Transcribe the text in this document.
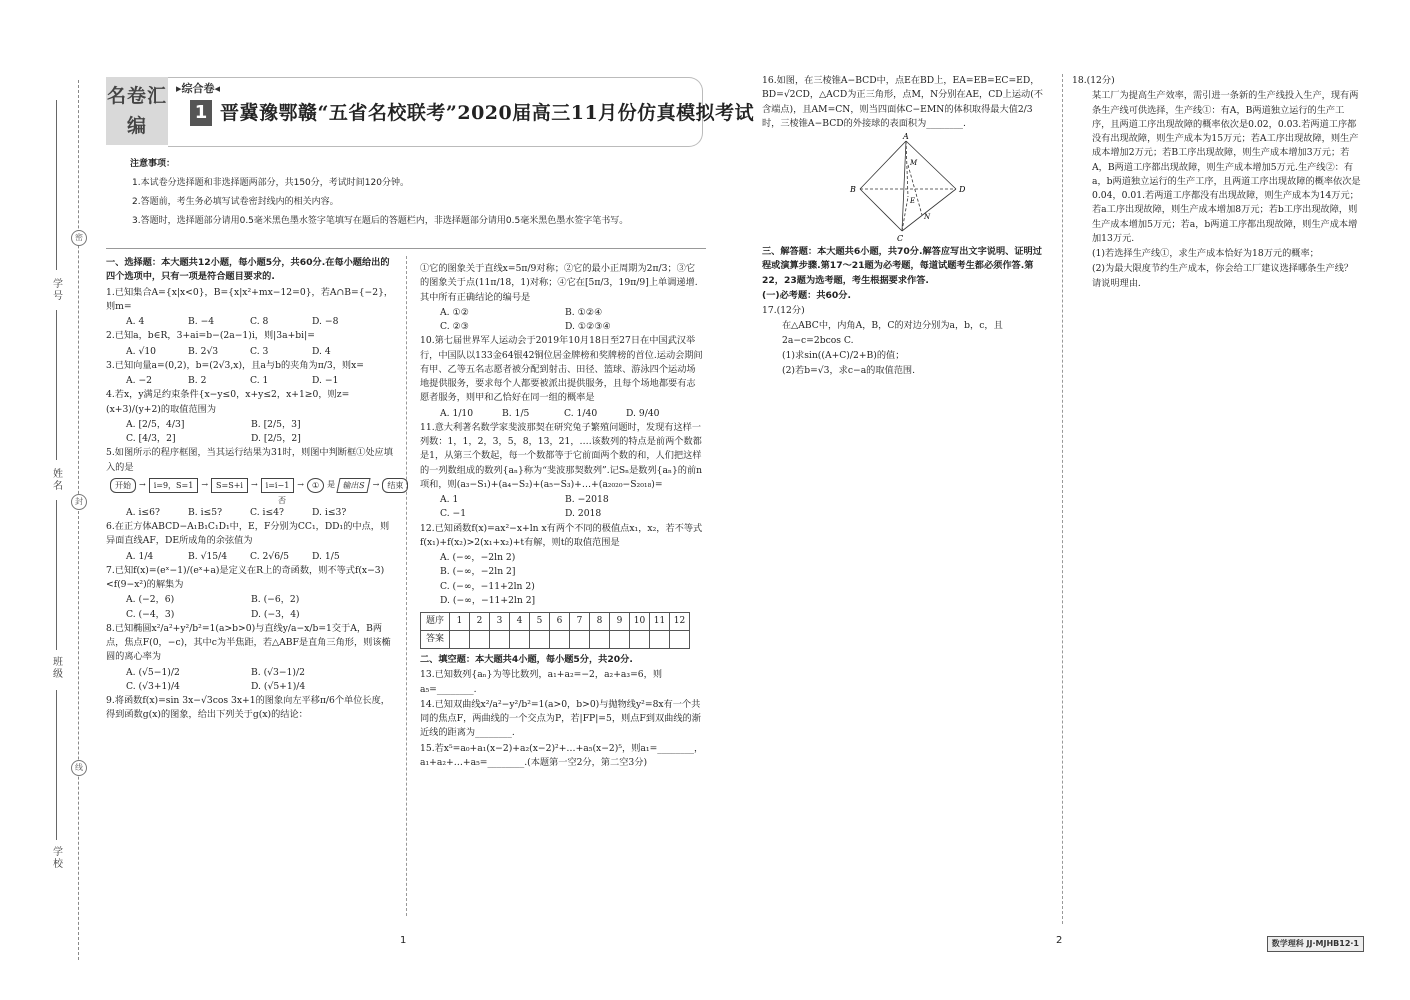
学号
姓名
班级
学校
密
封
线
名卷汇编
▸综合卷◂
1 晋冀豫鄂赣“五省名校联考”2020届高三11月份仿真模拟考试
注意事项：
1.本试卷分选择题和非选择题两部分，共150分，考试时间120分钟。
2.答题前，考生务必填写试卷密封线内的相关内容。
3.答题时，选择题部分请用0.5毫米黑色墨水签字笔填写在题后的答题栏内，非选择题部分请用0.5毫米黑色墨水签字笔书写。

一、选择题：本大题共12小题，每小题5分，共60分.在每小题给出的四个选项中，只有一项是符合题目要求的.

1.已知集合A={x|x<0}，B={x|x²+mx−12=0}，若A∩B={−2}，则m=

A. 4	B. −4	C. 8	D. −8

2.已知a，b∈R，3+ai=b−(2a−1)i，则|3a+bi|=

A. √10	B. 2√3	C. 3	D. 4

3.已知向量a=(0,2)，b=(2√3,x)，且a与b的夹角为π/3，则x=

A. −2	B. 2	C. 1	D. −1

4.若x，y满足约束条件{x−y≤0，x+y≤2，x+1≥0，则z=(x+3)/(y+2)的取值范围为

A. [2/5，4/3]	B. [2/5，3]
C. [4/3，2]	D. [2/5，2]

5.如图所示的程序框图，当其运行结果为31时，则图中判断框①处应填入的是

开始	→	i=9，S=1	→	S=S+i	→	i=i−1	→	①	是 输出S →	结束
否
A. i≤6?	B. i≤5?	C. i≤4?	D. i≤3?

6.在正方体ABCD−A₁B₁C₁D₁中，E，F分别为CC₁，DD₁的中点，则异面直线AF，DE所成角的余弦值为

A. 1/4	B. √15/4	C. 2√6/5	D. 1/5

7.已知f(x)=(eˣ−1)/(eˣ+a)是定义在R上的奇函数，则不等式f(x−3)<f(9−x²)的解集为

A. (−2，6)	B. (−6，2)
C. (−4，3)	D. (−3，4)

8.已知椭圆x²/a²+y²/b²=1(a>b>0)与直线y/a−x/b=1交于A，B两点，焦点F(0，−c)，其中c为半焦距，若△ABF是直角三角形，则该椭圆的离心率为

A. (√5−1)/2	B. (√3−1)/2
C. (√3+1)/4	D. (√5+1)/4

9.将函数f(x)=sin 3x−√3cos 3x+1的图象向左平移π/6个单位长度，得到函数g(x)的图象，给出下列关于g(x)的结论：

1

①它的图象关于直线x=5π/9对称；②它的最小正周期为2π/3；③它的图象关于点(11π/18，1)对称；④它在[5π/3，19π/9]上单调递增.其中所有正确结论的编号是

A. ①②	B. ①②④
C. ②③	D. ①②③④

10.第七届世界军人运动会于2019年10月18日至27日在中国武汉举行，中国队以133金64银42铜位居金牌榜和奖牌榜的首位.运动会期间有甲、乙等五名志愿者被分配到射击、田径、篮球、游泳四个运动场地提供服务，要求每个人都要被派出提供服务，且每个场地都要有志愿者服务，则甲和乙恰好在同一组的概率是

A. 1/10	B. 1/5	C. 1/40	D. 9/40

11.意大利著名数学家斐波那契在研究兔子繁殖问题时，发现有这样一列数：1，1，2，3，5，8，13，21，….该数列的特点是前两个数都是1，从第三个数起，每一个数都等于它前面两个数的和，人们把这样的一列数组成的数列{aₙ}称为“斐波那契数列”.记Sₙ是数列{aₙ}的前n项和，则(a₃−S₁)+(a₄−S₂)+(a₅−S₃)+…+(a₂₀₂₀−S₂₀₁₈)=

A. 1	B. −2018
C. −1	D. 2018

12.已知函数f(x)=ax²−x+ln x有两个不同的极值点x₁，x₂，若不等式f(x₁)+f(x₂)>2(x₁+x₂)+t有解，则t的取值范围是

A. (−∞，−2ln 2)
B. (−∞，−2ln 2]
C. (−∞，−11+2ln 2)
D. (−∞，−11+2ln 2]
题序	1	2	3	4	5	6	7	8	9	10	11	12
答案												

二、填空题：本大题共4小题，每小题5分，共20分.

13.已知数列{aₙ}为等比数列，a₁+a₂=−2，a₂+a₃=6，则a₅=________.

14.已知双曲线x²/a²−y²/b²=1(a>0，b>0)与抛物线y²=8x有一个共同的焦点F，两曲线的一个交点为P，若|FP|=5，则点F到双曲线的渐近线的距离为________.

15.若x⁵=a₀+a₁(x−2)+a₂(x−2)²+…+a₅(x−2)⁵，则a₁=________，a₁+a₂+…+a₅=________.(本题第一空2分，第二空3分)

16.如图，在三棱锥A−BCD中，点E在BD上，EA=EB=EC=ED，BD=√2CD，△ACD为正三角形，点M，N分别在AE，CD上运动(不含端点)，且AM=CN，则当四面体C−EMN的体积取得最大值2/3时，三棱锥A−BCD的外接球的表面积为________.

A
B
C
D
M
E
N

三、解答题：本大题共6小题，共70分.解答应写出文字说明、证明过程或演算步骤.第17～21题为必考题，每道试题考生都必须作答.第22，23题为选考题，考生根据要求作答.

(一)必考题：共60分.

17.(12分)

在△ABC中，内角A，B，C的对边分别为a，b，c，且2a−c=2bcos C.

(1)求sin((A+C)/2+B)的值；

(2)若b=√3，求c−a的取值范围.

2

18.(12分)

某工厂为提高生产效率，需引进一条新的生产线投入生产，现有两条生产线可供选择，生产线①：有A，B两道独立运行的生产工序，且两道工序出现故障的概率依次是0.02，0.03.若两道工序都没有出现故障，则生产成本为15万元；若A工序出现故障，则生产成本增加2万元；若B工序出现故障，则生产成本增加3万元；若A，B两道工序都出现故障，则生产成本增加5万元.生产线②：有a，b两道独立运行的生产工序，且两道工序出现故障的概率依次是0.04，0.01.若两道工序都没有出现故障，则生产成本为14万元；若a工序出现故障，则生产成本增加8万元；若b工序出现故障，则生产成本增加5万元；若a，b两道工序都出现故障，则生产成本增加13万元.

(1)若选择生产线①，求生产成本恰好为18万元的概率；

(2)为最大限度节约生产成本，你会给工厂建议选择哪条生产线？请说明理由.

数学理科 JJ·MJHB12·1
